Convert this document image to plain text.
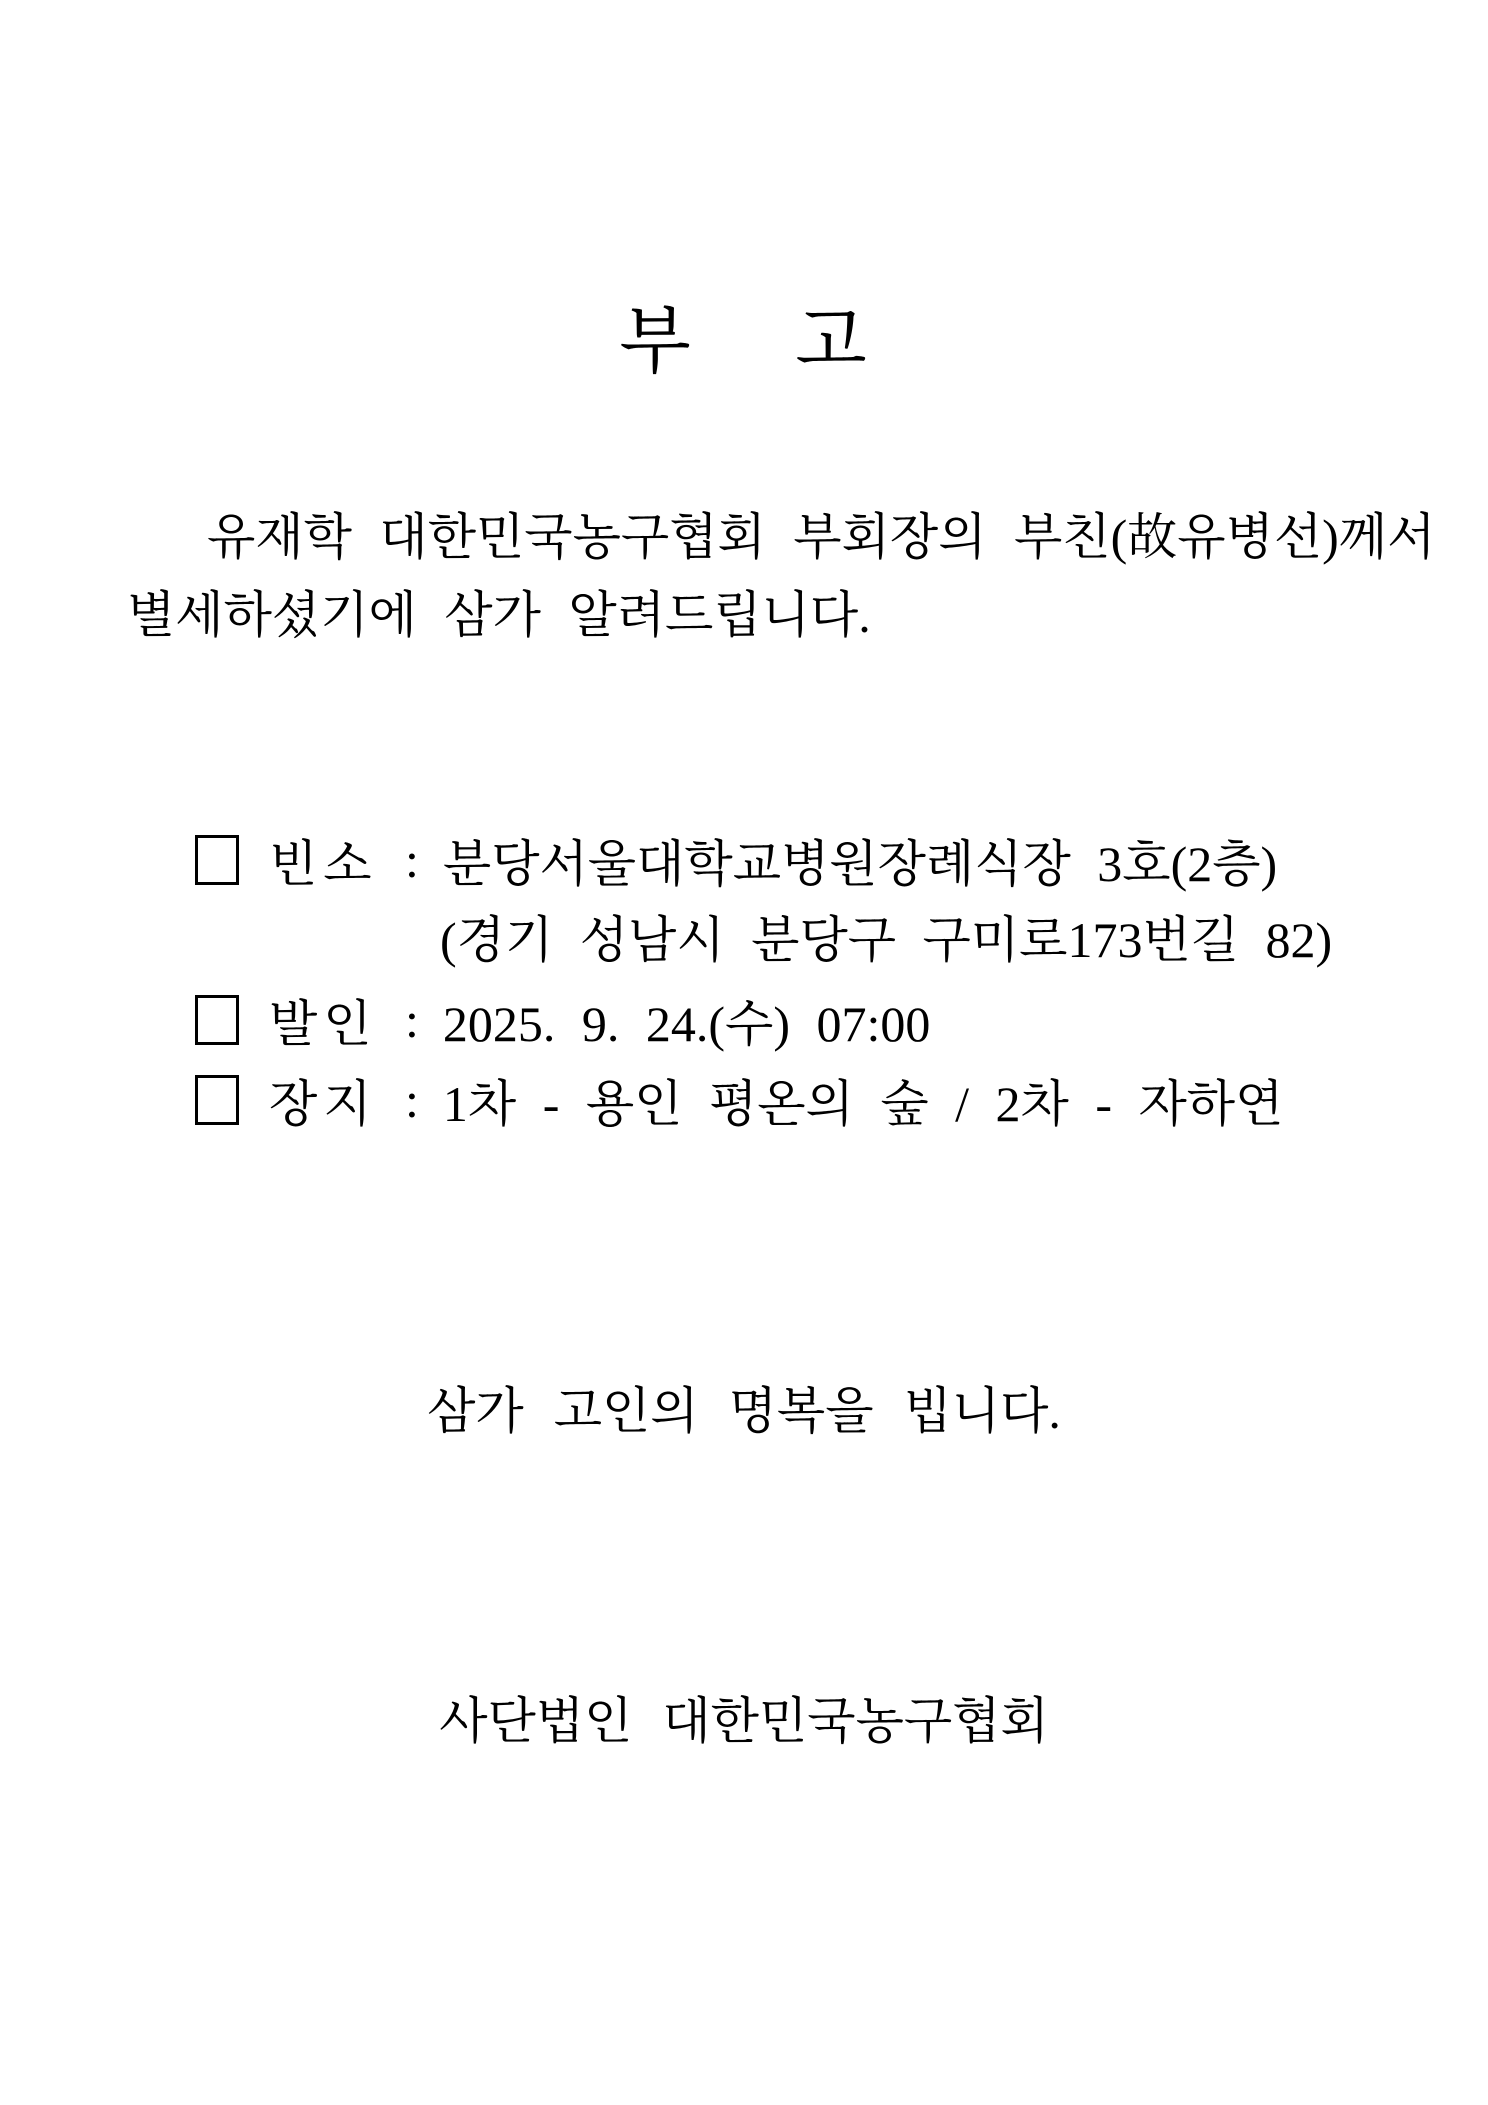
부     고
유재학 대한민국농구협회 부회장의 부친(故유병선)께서
별세하셨기에 삼가 알려드립니다.
빈소 : 분당서울대학교병원장례식장 3호(2층)
(경기 성남시 분당구 구미로173번길 82)
발인 : 2025. 9. 24.(수) 07:00
장지 : 1차 - 용인 평온의 숲 / 2차 - 자하연
삼가 고인의 명복을 빕니다.
사단법인 대한민국농구협회
